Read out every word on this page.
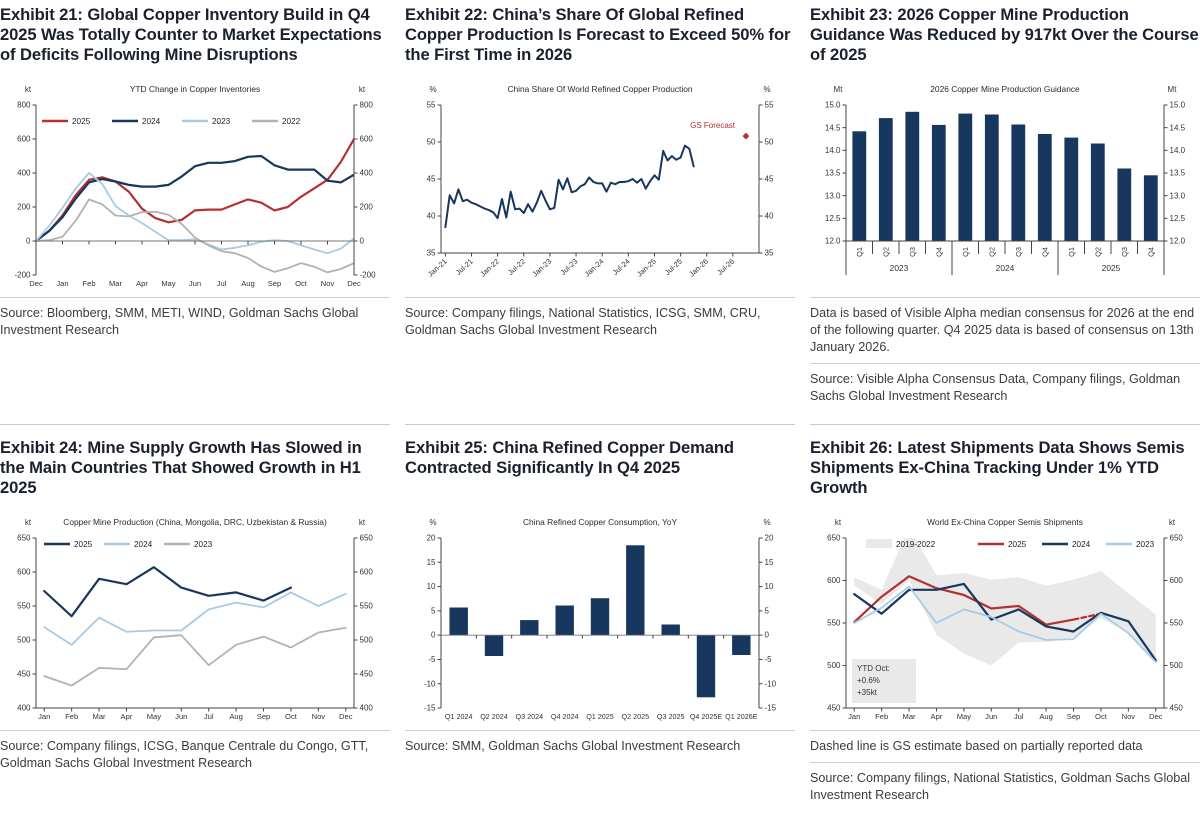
Exhibit 21: Global Copper Inventory Build in Q4 2025 Was Totally Counter to Market Expectations of Deficits Following Mine Disruptions
800	800
600	600
400	400
200	200
0	0
-200	-200
Dec Jan Feb Mar Apr May Jun Jul Aug Sep Oct Nov Dec
YTD Change in Copper Inventories
kt	kt
2025	2024	2023	2022

Source: Bloomberg, SMM, METI, WIND, Goldman Sachs Global Investment Research

Exhibit 22: China’s Share Of Global Refined Copper Production Is Forecast to Exceed 50% for the First Time in 2026
55	55
50	50
45	45
40	40
35	35
Jan-21 Jul-21 Jan-22 Jul-22 Jan-23 Jul-23 Jan-24 Jul-24 Jan-25 Jul-25 Jan-26 Jul-26
China Share Of World Refined Copper Production
%	%
GS Forecast

Source: Company filings, National Statistics, ICSG, SMM, CRU, Goldman Sachs Global Investment Research

Exhibit 23: 2026 Copper Mine Production Guidance Was Reduced by 917kt Over the Course of 2025
15.0	15.0
14.5	14.5
14.0	14.0
13.5	13.5
13.0	13.0
12.5	12.5
12.0	12.0
Q1 Q2 Q3 Q4 Q1 Q2 Q3 Q4 Q1 Q2 Q3 Q4
2023	2024	2025
2026 Copper Mine Production Guidance
Mt	Mt

Data is based of Visible Alpha median consensus for 2026 at the end of the following quarter. Q4 2025 data is based of consensus on 13th January 2026.

Source: Visible Alpha Consensus Data, Company filings, Goldman Sachs Global Investment Research

Exhibit 24: Mine Supply Growth Has Slowed in the Main Countries That Showed Growth in H1 2025
650	650
600	600
550	550
500	500
450	450
400	400
Jan Feb Mar Apr May Jun Jul Aug Sep Oct Nov Dec
Copper Mine Production (China, Mongolia, DRC, Uzbekistan & Russia)
kt	kt
2025	2024	2023

Source: Company filings, ICSG, Banque Centrale du Congo, GTT, Goldman Sachs Global Investment Research

Exhibit 25: China Refined Copper Demand Contracted Significantly In Q4 2025
20	20
15	15
10	10
5	5
0	0
-5	-5
-10	-10
-15	-15
Q1 2024 Q2 2024 Q3 2024 Q4 2024 Q1 2025 Q2 2025 Q3 2025 Q4 2025E Q1 2026E
China Refined Copper Consumption, YoY
%	%

Source: SMM, Goldman Sachs Global Investment Research

Exhibit 26: Latest Shipments Data Shows Semis Shipments Ex-China Tracking Under 1% YTD Growth
650	650
600	600
550	550
500	500
450	450
Jan Feb Mar Apr May Jun Jul Aug Sep Oct Nov Dec
World Ex-China Copper Semis Shipments
kt	kt
2019-2022	2025	2024	2023
YTD Oct:
+0.6%
+35kt

Dashed line is GS estimate based on partially reported data

Source: Company filings, National Statistics, Goldman Sachs Global Investment Research
